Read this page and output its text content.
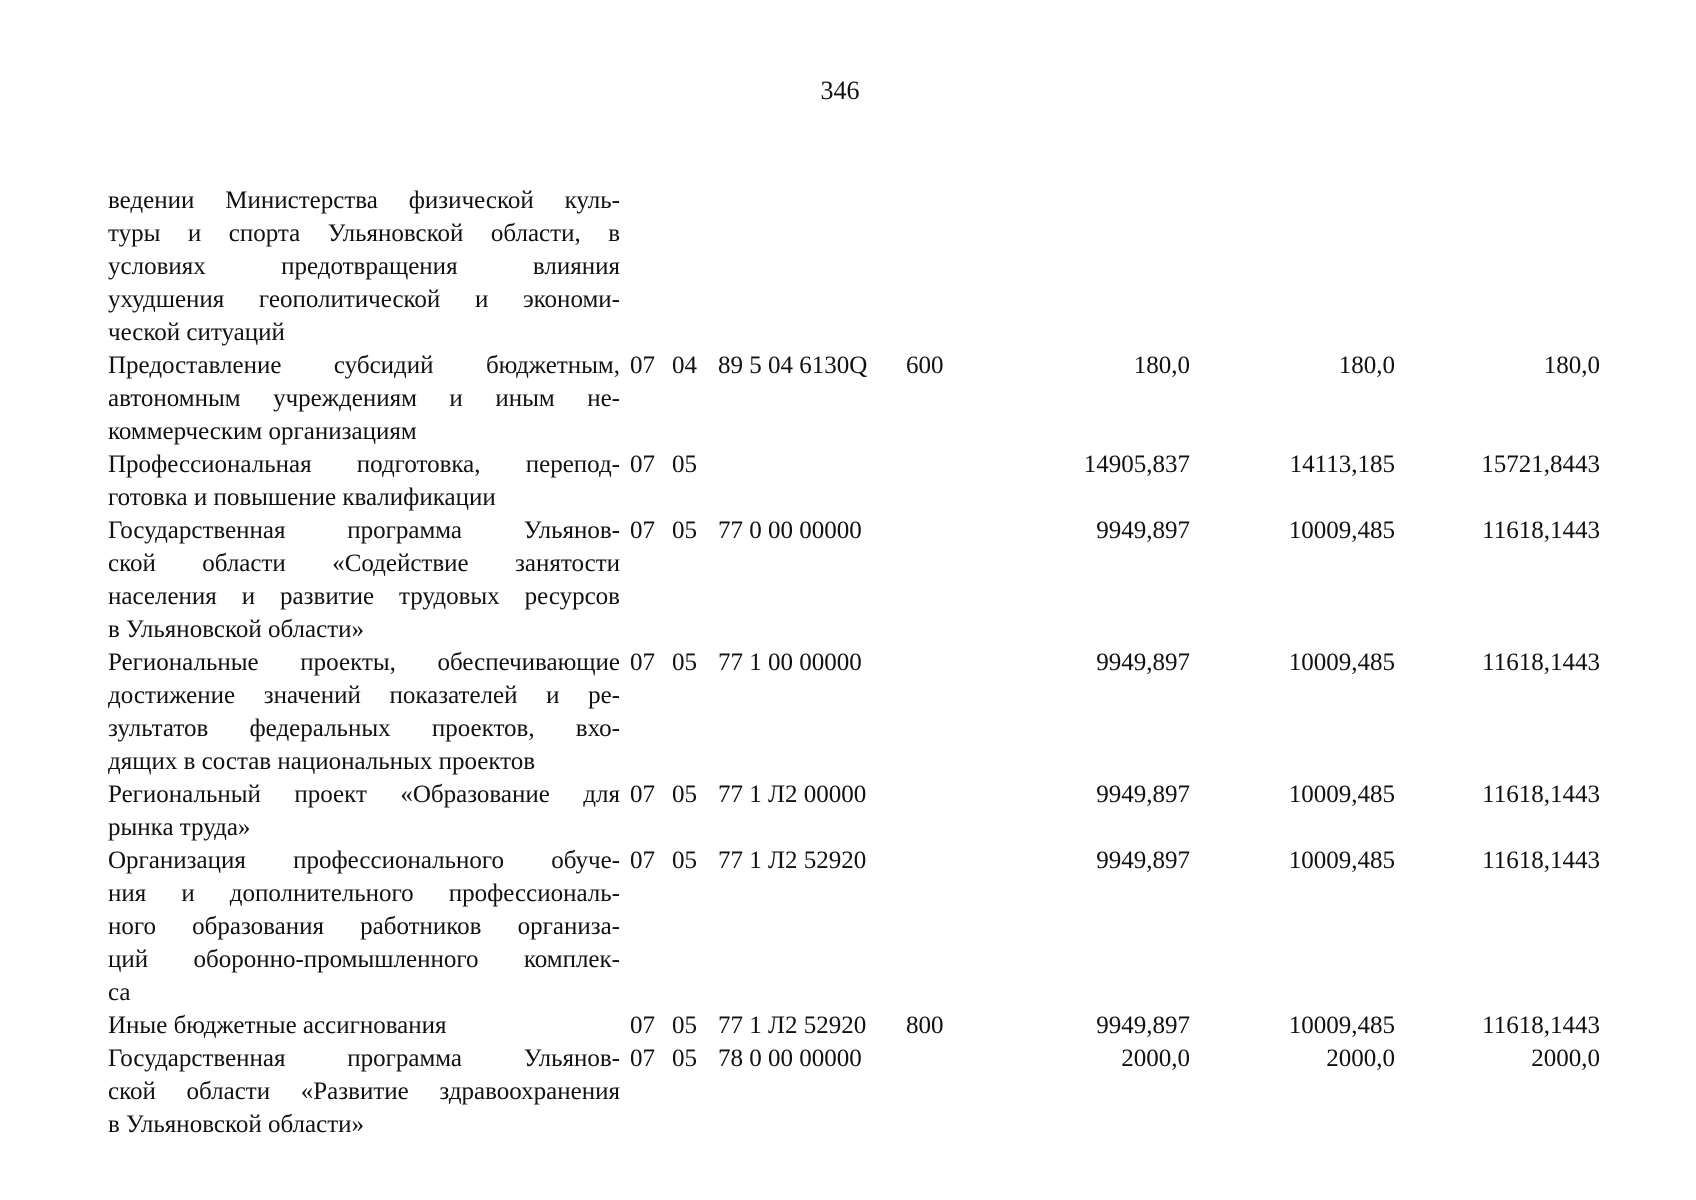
346
ведении Министерства физической куль-
туры и спорта Ульяновской области, в
условиях предотвращения влияния
ухудшения геополитической и экономи-
ческой ситуаций
Предоставление субсидий бюджетным,
автономным учреждениям и иным не-
коммерческим организациям
07 04 89 5 04 6130Q	600	180,0	180,0	180,0
Профессиональная подготовка, перепод-
готовка и повышение квалификации
07 05	14905,837	14113,185	15721,8443
Государственная программа Ульянов-
ской области «Содействие занятости
населения и развитие трудовых ресурсов
в Ульяновской области»
07 05 77 0 00 00000	9949,897	10009,485	11618,1443
Региональные проекты, обеспечивающие
достижение значений показателей и ре-
зультатов федеральных проектов, вхо-
дящих в состав национальных проектов
07 05 77 1 00 00000	9949,897	10009,485	11618,1443
Региональный проект «Образование для
рынка труда»
07 05 77 1 Л2 00000	9949,897	10009,485	11618,1443
Организация профессионального обуче-
ния и дополнительного профессиональ-
ного образования работников организа-
ций оборонно-промышленного комплек-
са
07 05 77 1 Л2 52920	9949,897	10009,485	11618,1443
Иные бюджетные ассигнования	07 05 77 1 Л2 52920	800	9949,897	10009,485	11618,1443
Государственная программа Ульянов-
ской области «Развитие здравоохранения
в Ульяновской области»
07 05 78 0 00 00000	2000,0	2000,0	2000,0
